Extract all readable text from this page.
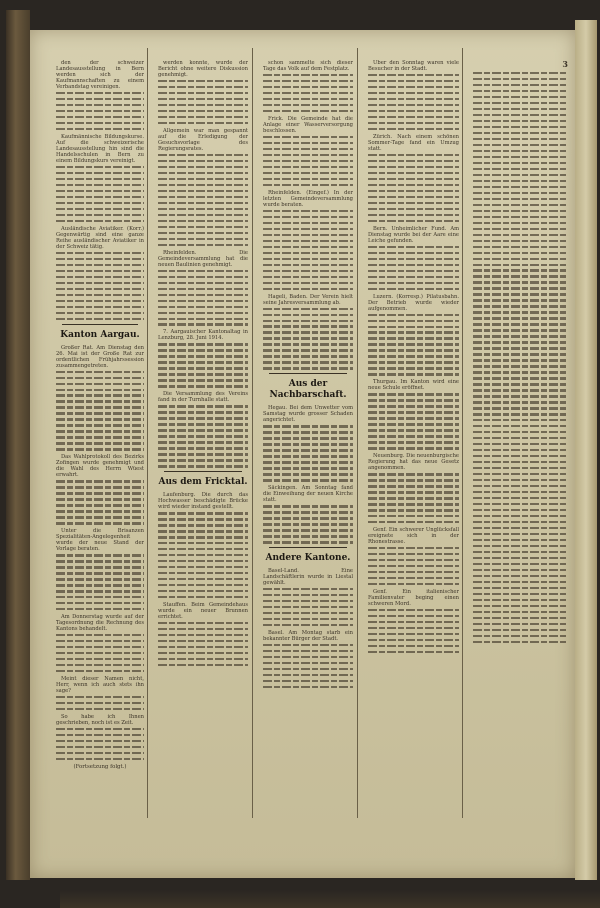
den der schweizer Landesausstellung in Bern werden sich der Kaufmannschaften zu einem Verbandstag vereinigen.

Kaufmännische Bildungskurse. Auf die schweizerische Landesausstellung hin sind die Handelsschulen in Bern zu einem Bildungskurs vereinigt.

Ausländische Aviatiker. (Korr.) Gegenwärtig sind eine ganze Reihe ausländischer Aviatiker in der Schweiz tätig.

Kanton Aargau.

Großer Rat. Am Dienstag den 26. Mai ist der Große Rat zur ordentlichen Frühjahrssession zusammengetreten.

Das Wahlprotokoll des Bezirks Zofingen wurde genehmigt und die Wahl des Herrn Wüest erwahrt.

Unter die Brisanzen Spezialitäten-Angelegenheit wurde der neue Stand der Vorlage beraten.

Am Donnerstag wurde auf der Tagesordnung die Rechnung des Kantons behandelt.

Meint dieser Namen nicht, Herr, wenn ich auch stets ihn sage?

So habe ich Ihnen geschrieben, noch ist es Zeit.

(Fortsetzung folgt.)

werden konnte, wurde der Bericht ohne weitere Diskussion genehmigt.

Allgemein war man gespannt auf die Erledigung der Gesuchsvorlage des Regierungsrates.

Rheinfelden. Die Gemeindeversammlung hat die neuen Baulinien genehmigt.

7. Aargauischer Kantonaltag in Lenzburg, 28. Juni 1914.

Die Versammlung des Vereins fand in der Turnhalle statt.

Aus dem Fricktal.

Laufenburg. Die durch das Hochwasser beschädigte Brücke wird wieder instand gestellt.

Stauffen. Beim Gemeindehaus wurde ein neuer Brunnen errichtet.

schon sammelte sich dieser Tage das Volk auf dem Festplatz.

Frick. Die Gemeinde hat die Anlage einer Wasserversorgung beschlossen.

Rheinfelden. (Eingef.) In der letzten Gemeindeversammlung wurde beraten.

Hageli, Baden. Der Verein hielt seine Jahresversammlung ab.

Aus der Nachbarschaft.

Hegau. Bei dem Unwetter vom Samstag wurde grosser Schaden angerichtet.

Säckingen. Am Sonntag fand die Einweihung der neuen Kirche statt.

Andere Kantone.

Basel-Land. Eine Landschäftlerin wurde in Liestal gewählt.

Basel. Am Montag starb ein bekannter Bürger der Stadt.

Über den Sonntag waren viele Besucher in der Stadt.

Zürich. Nach einem schönen Sommer-Tage fand ein Umzug statt.

Bern. Unheimlicher Fund. Am Dienstag wurde bei der Aare eine Leiche gefunden.

Luzern. (Korresp.) Pilatusbahn. Der Betrieb wurde wieder aufgenommen.

Thurgau. Im Kanton wird eine neue Schule eröffnet.

Neuenburg. Die neuenburgische Regierung hat das neue Gesetz angenommen.

Genf. Ein schwerer Unglücksfall ereignete sich in der Rhonestrasse.

Genf. Ein italienischer Familienvater beging einen schweren Mord.

3
